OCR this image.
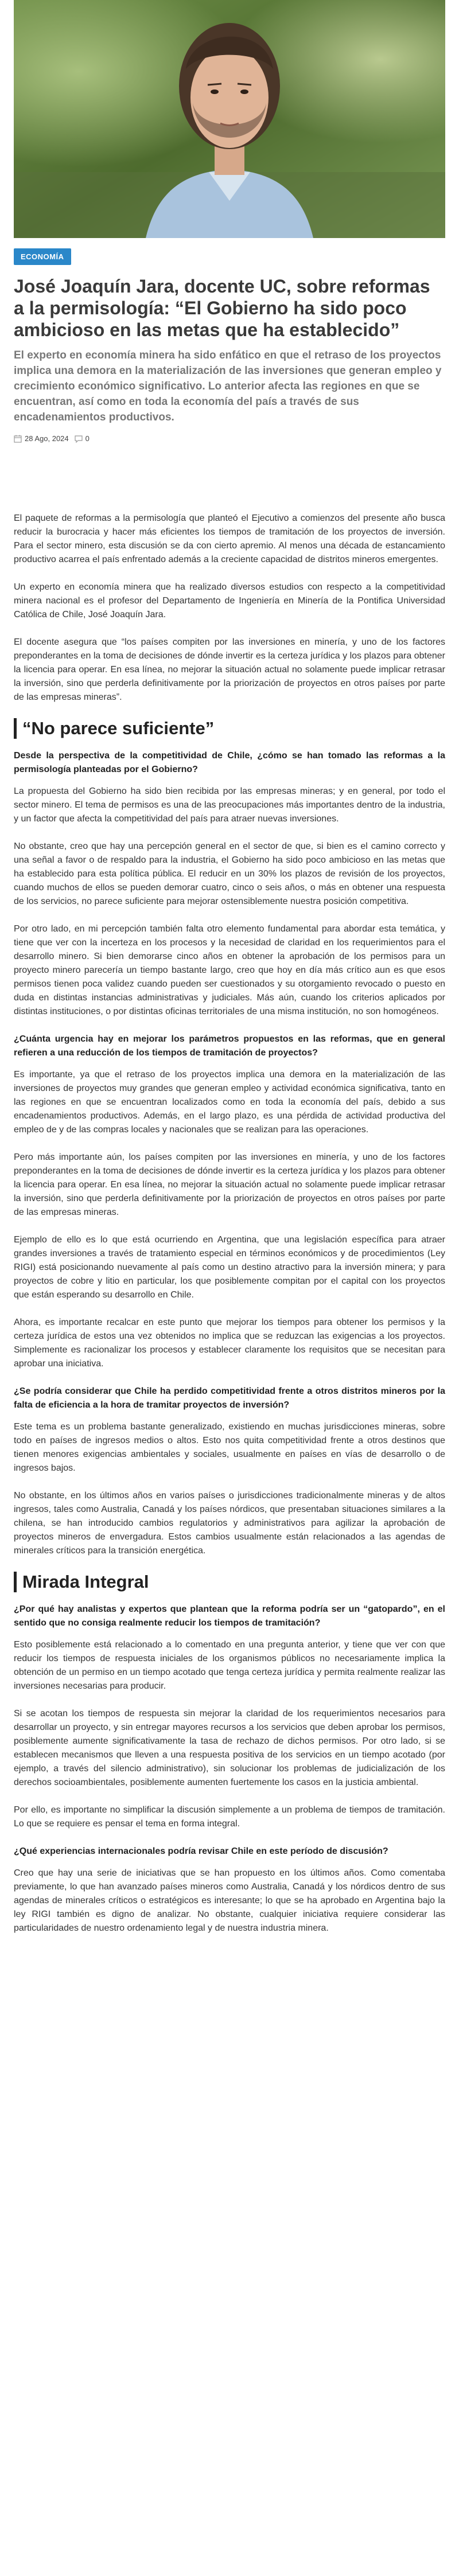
ECONOMÍA
José Joaquín Jara, docente UC, sobre reformas a la permisología: “El Gobierno ha sido poco ambicioso en las metas que ha establecido”

El experto en economía minera ha sido enfático en que el retraso de los proyectos implica una demora en la materialización de las inversiones que generan empleo y crecimiento económico significativo. Lo anterior afecta las regiones en que se encuentran, así como en toda la economía del país a través de sus encadenamientos productivos.

28 Ago, 2024 0

El paquete de reformas a la permisología que planteó el Ejecutivo a comienzos del presente año busca reducir la burocracia y hacer más eficientes los tiempos de tramitación de los proyectos de inversión. Para el sector minero, esta discusión se da con cierto apremio. Al menos una década de estancamiento productivo acarrea el país enfrentado además a la creciente capacidad de distritos mineros emergentes.

Un experto en economía minera que ha realizado diversos estudios con respecto a la competitividad minera nacional es el profesor del Departamento de Ingeniería en Minería de la Pontifica Universidad Católica de Chile, José Joaquín Jara.

El docente asegura que “los países compiten por las inversiones en minería, y uno de los factores preponderantes en la toma de decisiones de dónde invertir es la certeza jurídica y los plazos para obtener la licencia para operar. En esa línea, no mejorar la situación actual no solamente puede implicar retrasar la inversión, sino que perderla definitivamente por la priorización de proyectos en otros países por parte de las empresas mineras”.

“No parece suficiente”

Desde la perspectiva de la competitividad de Chile, ¿cómo se han tomado las reformas a la permisología planteadas por el Gobierno?

La propuesta del Gobierno ha sido bien recibida por las empresas mineras; y en general, por todo el sector minero. El tema de permisos es una de las preocupaciones más importantes dentro de la industria, y un factor que afecta la competitividad del país para atraer nuevas inversiones.

No obstante, creo que hay una percepción general en el sector de que, si bien es el camino correcto y una señal a favor o de respaldo para la industria, el Gobierno ha sido poco ambicioso en las metas que ha establecido para esta política pública. El reducir en un 30% los plazos de revisión de los proyectos, cuando muchos de ellos se pueden demorar cuatro, cinco o seis años, o más en obtener una respuesta de los servicios, no parece suficiente para mejorar ostensiblemente nuestra posición competitiva.

Por otro lado, en mi percepción también falta otro elemento fundamental para abordar esta temática, y tiene que ver con la incerteza en los procesos y la necesidad de claridad en los requerimientos para el desarrollo minero. Si bien demorarse cinco años en obtener la aprobación de los permisos para un proyecto minero parecería un tiempo bastante largo, creo que hoy en día más crítico aun es que esos permisos tienen poca validez cuando pueden ser cuestionados y su otorgamiento revocado o puesto en duda en distintas instancias administrativas y judiciales. Más aún, cuando los criterios aplicados por distintas instituciones, o por distintas oficinas territoriales de una misma institución, no son homogéneos.

¿Cuánta urgencia hay en mejorar los parámetros propuestos en las reformas, que en general refieren a una reducción de los tiempos de tramitación de proyectos?

Es importante, ya que el retraso de los proyectos implica una demora en la materialización de las inversiones de proyectos muy grandes que generan empleo y actividad económica significativa, tanto en las regiones en que se encuentran localizados como en toda la economía del país, debido a sus encadenamientos productivos. Además, en el largo plazo, es una pérdida de actividad productiva del empleo de y de las compras locales y nacionales que se realizan para las operaciones.

Pero más importante aún, los países compiten por las inversiones en minería, y uno de los factores preponderantes en la toma de decisiones de dónde invertir es la certeza jurídica y los plazos para obtener la licencia para operar. En esa línea, no mejorar la situación actual no solamente puede implicar retrasar la inversión, sino que perderla definitivamente por la priorización de proyectos en otros países por parte de las empresas mineras.

Ejemplo de ello es lo que está ocurriendo en Argentina, que una legislación específica para atraer grandes inversiones a través de tratamiento especial en términos económicos y de procedimientos (Ley RIGI) está posicionando nuevamente al país como un destino atractivo para la inversión minera; y para proyectos de cobre y litio en particular, los que posiblemente compitan por el capital con los proyectos que están esperando su desarrollo en Chile.

Ahora, es importante recalcar en este punto que mejorar los tiempos para obtener los permisos y la certeza jurídica de estos una vez obtenidos no implica que se reduzcan las exigencias a los proyectos. Simplemente es racionalizar los procesos y establecer claramente los requisitos que se necesitan para aprobar una iniciativa.

¿Se podría considerar que Chile ha perdido competitividad frente a otros distritos mineros por la falta de eficiencia a la hora de tramitar proyectos de inversión?

Este tema es un problema bastante generalizado, existiendo en muchas jurisdicciones mineras, sobre todo en países de ingresos medios o altos. Esto nos quita competitividad frente a otros destinos que tienen menores exigencias ambientales y sociales, usualmente en países en vías de desarrollo o de ingresos bajos.

No obstante, en los últimos años en varios países o jurisdicciones tradicionalmente mineras y de altos ingresos, tales como Australia, Canadá y los países nórdicos, que presentaban situaciones similares a la chilena, se han introducido cambios regulatorios y administrativos para agilizar la aprobación de proyectos mineros de envergadura. Estos cambios usualmente están relacionados a las agendas de minerales críticos para la transición energética.

Mirada Integral

¿Por qué hay analistas y expertos que plantean que la reforma podría ser un “gatopardo”, en el sentido que no consiga realmente reducir los tiempos de tramitación?

Esto posiblemente está relacionado a lo comentado en una pregunta anterior, y tiene que ver con que reducir los tiempos de respuesta iniciales de los organismos públicos no necesariamente implica la obtención de un permiso en un tiempo acotado que tenga certeza jurídica y permita realmente realizar las inversiones necesarias para producir.

Si se acotan los tiempos de respuesta sin mejorar la claridad de los requerimientos necesarios para desarrollar un proyecto, y sin entregar mayores recursos a los servicios que deben aprobar los permisos, posiblemente aumente significativamente la tasa de rechazo de dichos permisos. Por otro lado, si se establecen mecanismos que lleven a una respuesta positiva de los servicios en un tiempo acotado (por ejemplo, a través del silencio administrativo), sin solucionar los problemas de judicialización de los derechos socioambientales, posiblemente aumenten fuertemente los casos en la justicia ambiental.

Por ello, es importante no simplificar la discusión simplemente a un problema de tiempos de tramitación. Lo que se requiere es pensar el tema en forma integral.

¿Qué experiencias internacionales podría revisar Chile en este período de discusión?

Creo que hay una serie de iniciativas que se han propuesto en los últimos años. Como comentaba previamente, lo que han avanzado países mineros como Australia, Canadá y los nórdicos dentro de sus agendas de minerales críticos o estratégicos es interesante; lo que se ha aprobado en Argentina bajo la ley RIGI también es digno de analizar. No obstante, cualquier iniciativa requiere considerar las particularidades de nuestro ordenamiento legal y de nuestra industria minera.
